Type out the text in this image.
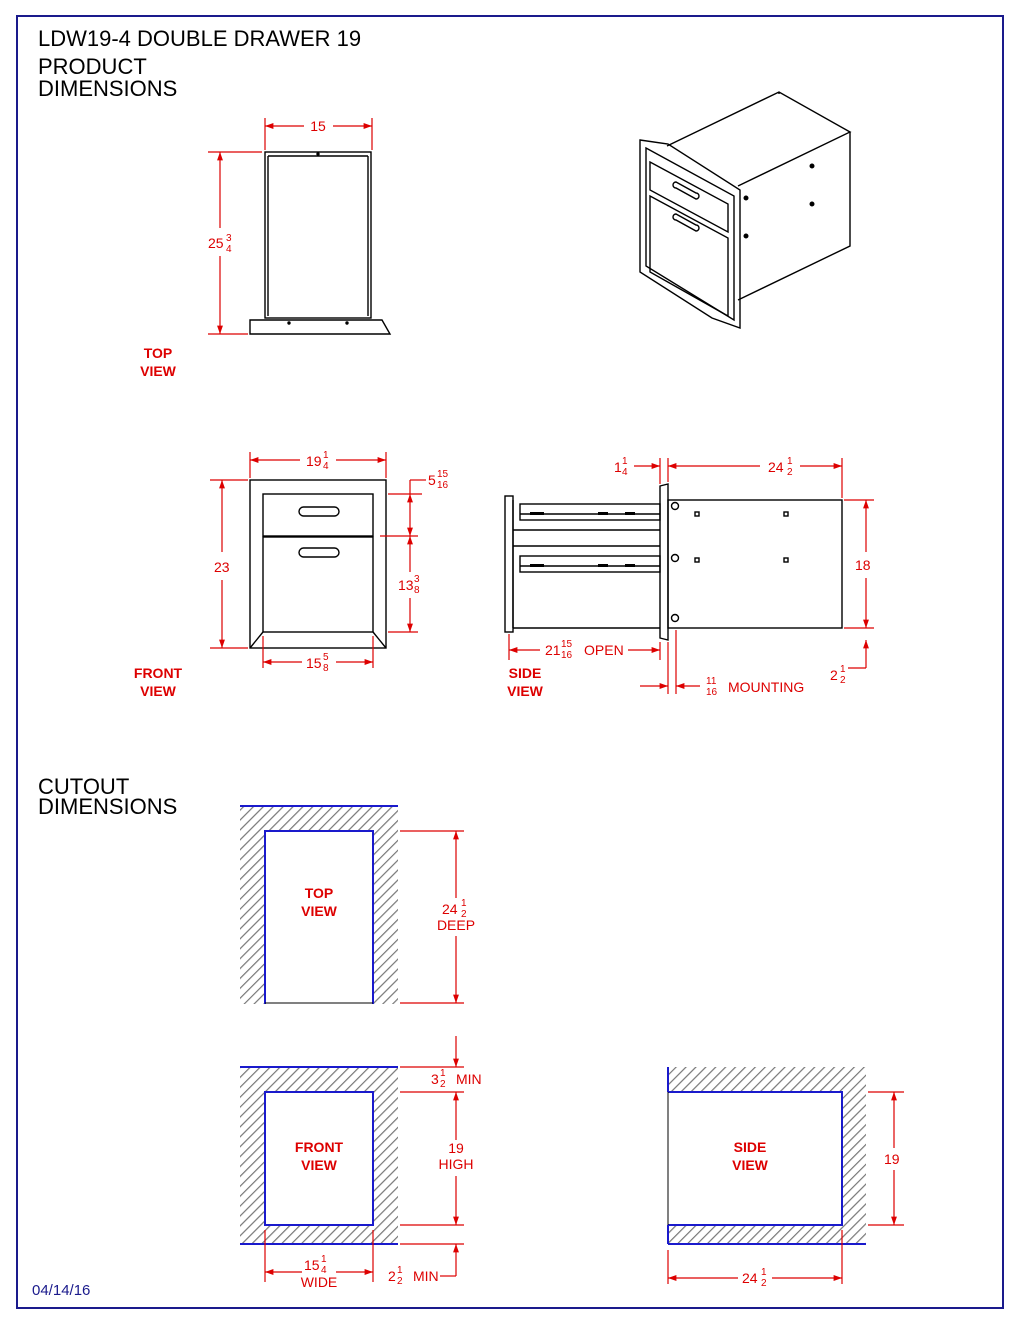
LDW19-4 DOUBLE DRAWER 19
PRODUCT
DIMENSIONS
CUTOUT
DIMENSIONS
04/14/16
15
25 3
4
TOP
VIEW
19 1
4
23
5 15
16
13 3
8
15 5
8
FRONT
VIEW
1 1
4	24 1
2
18
21 15
16 OPEN
11
16 MOUNTING
2 1
2
SIDE
VIEW
TOP
VIEW	24 1
2
DEEP
FRONT
VIEW
3 1
2 MIN
19
HIGH
15 1
4
WIDE	2 1
2 MIN
SIDE
VIEW	19
24 1
2
